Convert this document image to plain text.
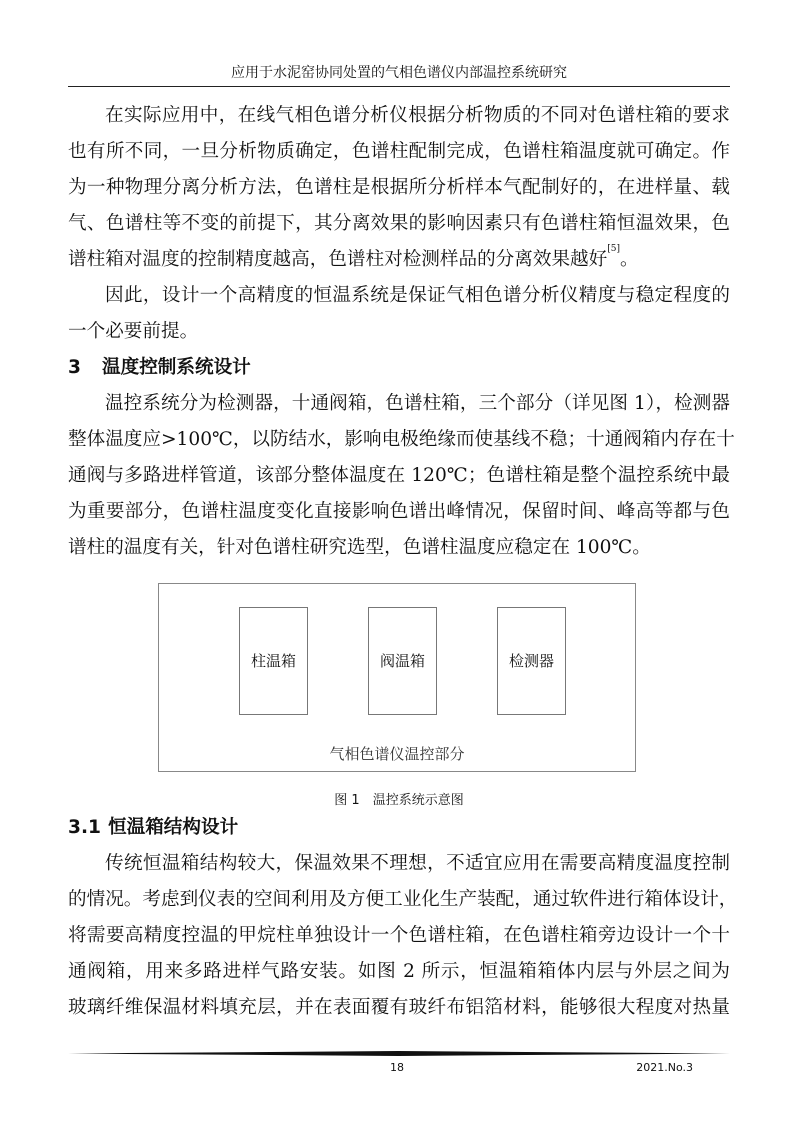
应用于水泥窑协同处置的气相色谱仪内部温控系统研究
在实际应用中，在线气相色谱分析仪根据分析物质的不同对色谱柱箱的要求
也有所不同，一旦分析物质确定，色谱柱配制完成，色谱柱箱温度就可确定。作
为一种物理分离分析方法，色谱柱是根据所分析样本气配制好的，在进样量、载
气、色谱柱等不变的前提下，其分离效果的影响因素只有色谱柱箱恒温效果，色
谱柱箱对温度的控制精度越高，色谱柱对检测样品的分离效果越好[5]。
因此，设计一个高精度的恒温系统是保证气相色谱分析仪精度与稳定程度的
一个必要前提。
3 温度控制系统设计
温控系统分为检测器，十通阀箱，色谱柱箱，三个部分（详见图 1），检测器
整体温度应>100℃，以防结水，影响电极绝缘而使基线不稳；十通阀箱内存在十
通阀与多路进样管道，该部分整体温度在 120℃；色谱柱箱是整个温控系统中最
为重要部分，色谱柱温度变化直接影响色谱出峰情况，保留时间、峰高等都与色
谱柱的温度有关，针对色谱柱研究选型，色谱柱温度应稳定在 100℃。
柱温箱	阀温箱	检测器
气相色谱仪温控部分
图 1　温控系统示意图
3.1 恒温箱结构设计
传统恒温箱结构较大，保温效果不理想，不适宜应用在需要高精度温度控制
的情况。考虑到仪表的空间利用及方便工业化生产装配，通过软件进行箱体设计，
将需要高精度控温的甲烷柱单独设计一个色谱柱箱，在色谱柱箱旁边设计一个十
通阀箱，用来多路进样气路安装。如图 2 所示，恒温箱箱体内层与外层之间为
玻璃纤维保温材料填充层，并在表面覆有玻纤布铝箔材料，能够很大程度对热量
18	2021.No.3
